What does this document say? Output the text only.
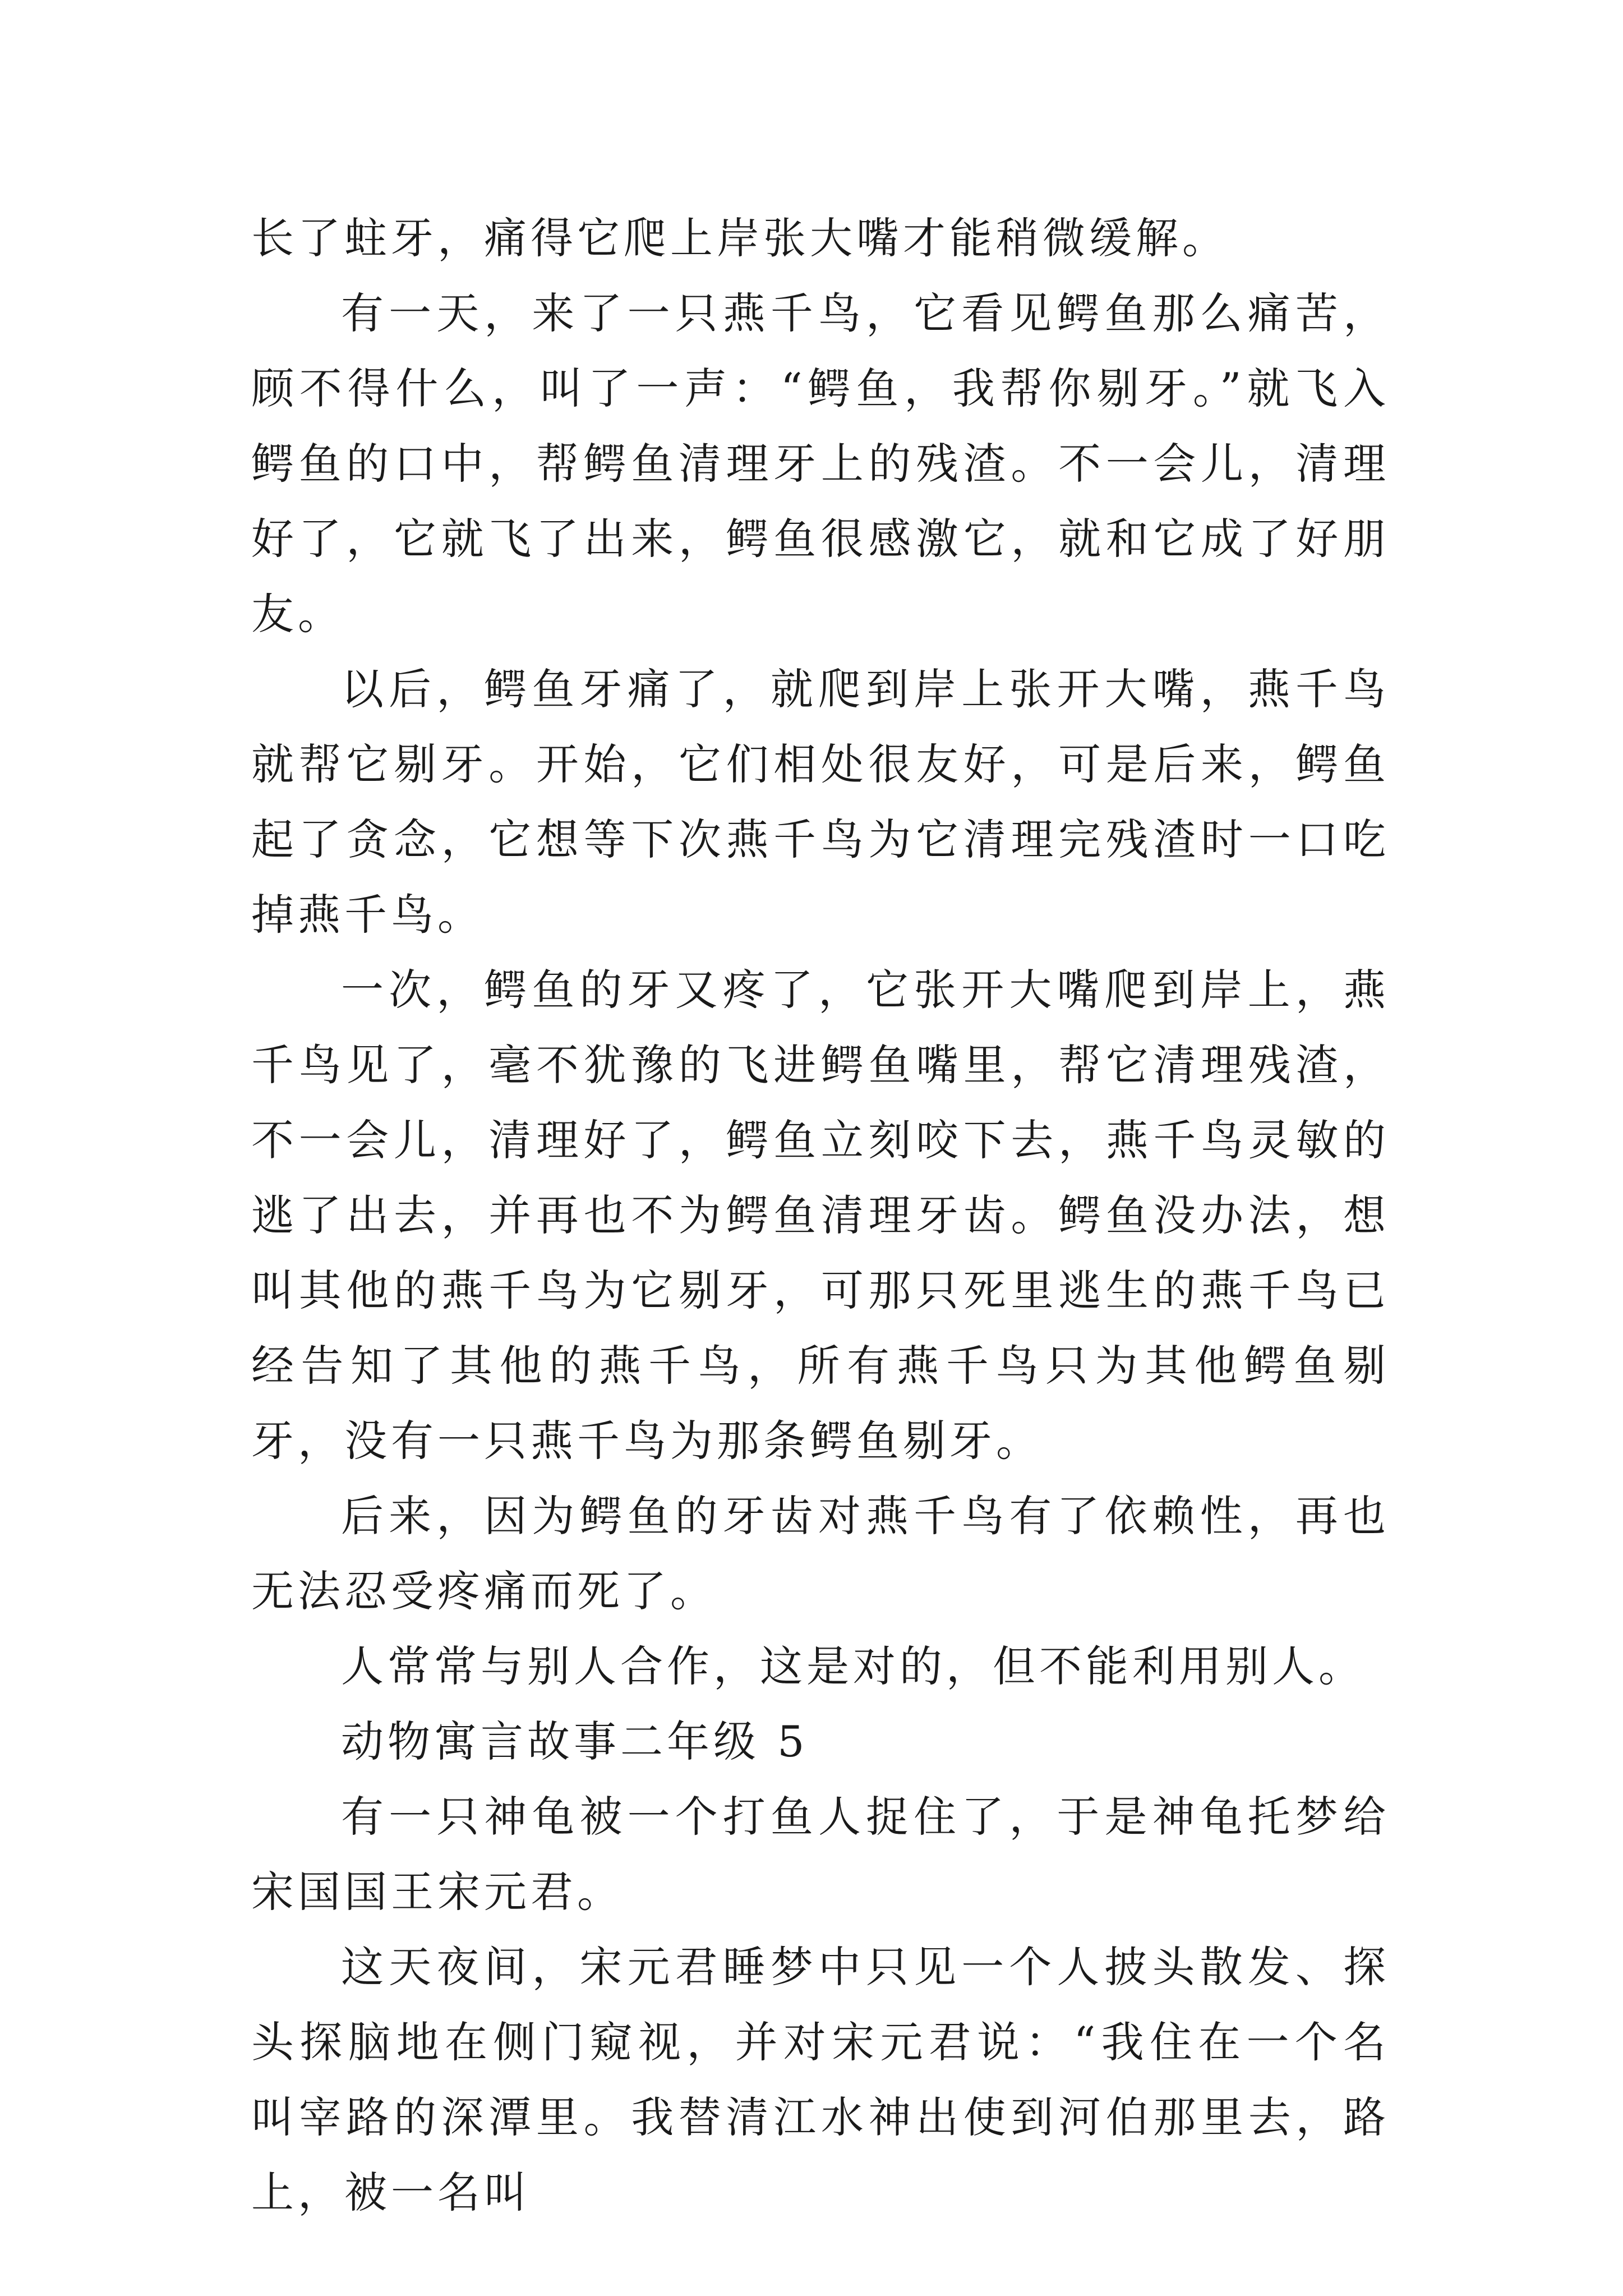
长了蛀牙，痛得它爬上岸张大嘴才能稍微缓解。

有一天，来了一只燕千鸟，它看见鳄鱼那么痛苦，顾不得什么，叫了一声：“鳄鱼，我帮你剔牙。”就飞入鳄鱼的口中，帮鳄鱼清理牙上的残渣。不一会儿，清理好了，它就飞了出来，鳄鱼很感激它，就和它成了好朋友。

以后，鳄鱼牙痛了，就爬到岸上张开大嘴，燕千鸟就帮它剔牙。开始，它们相处很友好，可是后来，鳄鱼起了贪念，它想等下次燕千鸟为它清理完残渣时一口吃掉燕千鸟。

一次，鳄鱼的牙又疼了，它张开大嘴爬到岸上，燕千鸟见了，毫不犹豫的飞进鳄鱼嘴里，帮它清理残渣，不一会儿，清理好了，鳄鱼立刻咬下去，燕千鸟灵敏的逃了出去，并再也不为鳄鱼清理牙齿。鳄鱼没办法，想叫其他的燕千鸟为它剔牙，可那只死里逃生的燕千鸟已经告知了其他的燕千鸟，所有燕千鸟只为其他鳄鱼剔牙，没有一只燕千鸟为那条鳄鱼剔牙。

后来，因为鳄鱼的牙齿对燕千鸟有了依赖性，再也无法忍受疼痛而死了。

人常常与别人合作，这是对的，但不能利用别人。

动物寓言故事二年级 5

有一只神龟被一个打鱼人捉住了，于是神龟托梦给宋国国王宋元君。

这天夜间，宋元君睡梦中只见一个人披头散发、探头探脑地在侧门窥视，并对宋元君说：“我住在一个名叫宰路的深潭里。我替清江水神出使到河伯那里去，路上，被一名叫
